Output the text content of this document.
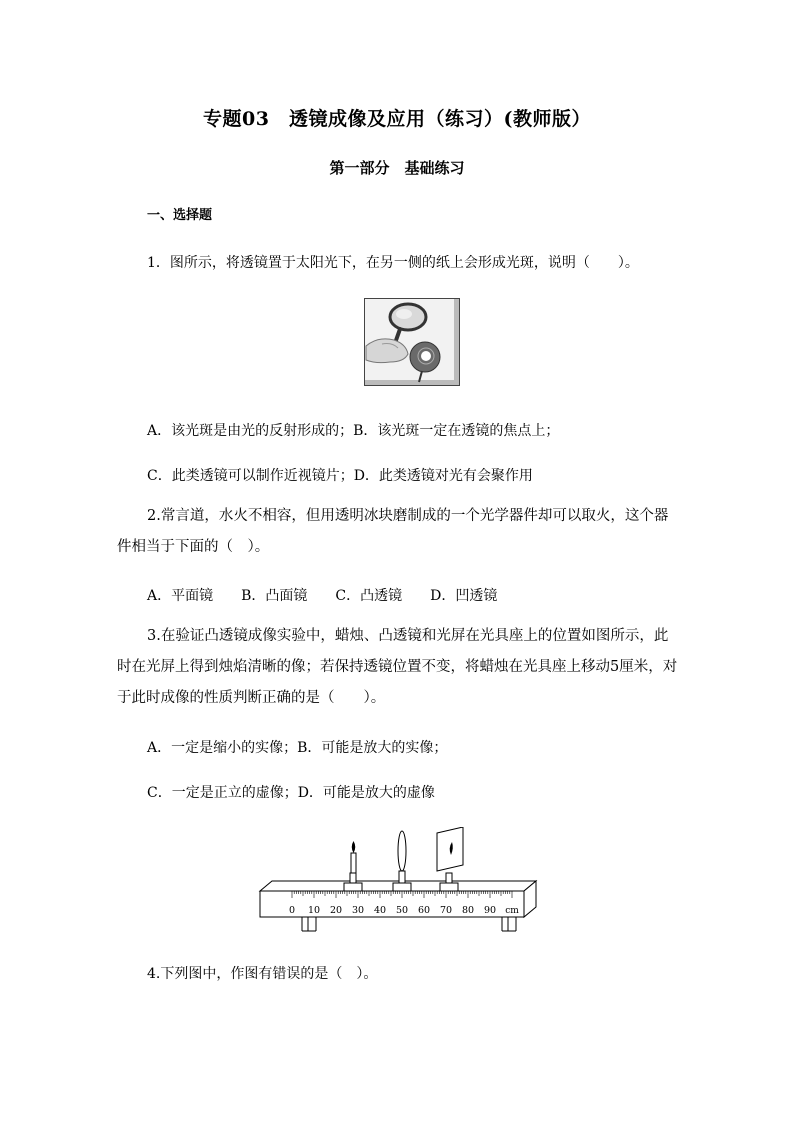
专题03　透镜成像及应用（练习）(教师版）
第一部分　基础练习
一、选择题
1．图所示，将透镜置于太阳光下，在另一侧的纸上会形成光斑，说明（　　）。
A．该光斑是由光的反射形成的；B．该光斑一定在透镜的焦点上；
C．此类透镜可以制作近视镜片；D．此类透镜对光有会聚作用
2.常言道，水火不相容，但用透明冰块磨制成的一个光学器件却可以取火，这个器件相当于下面的（　）。
A．平面镜 B．凸面镜 C．凸透镜 D．凹透镜
3.在验证凸透镜成像实验中，蜡烛、凸透镜和光屏在光具座上的位置如图所示，此时在光屏上得到烛焰清晰的像；若保持透镜位置不变，将蜡烛在光具座上移动5厘米，对于此时成像的性质判断正确的是（　　）。
A．一定是缩小的实像；B．可能是放大的实像；
C．一定是正立的虚像；D．可能是放大的虚像
0 10 20 30 40 50 60 70 80 90 cm
4.下列图中，作图有错误的是（　）。
